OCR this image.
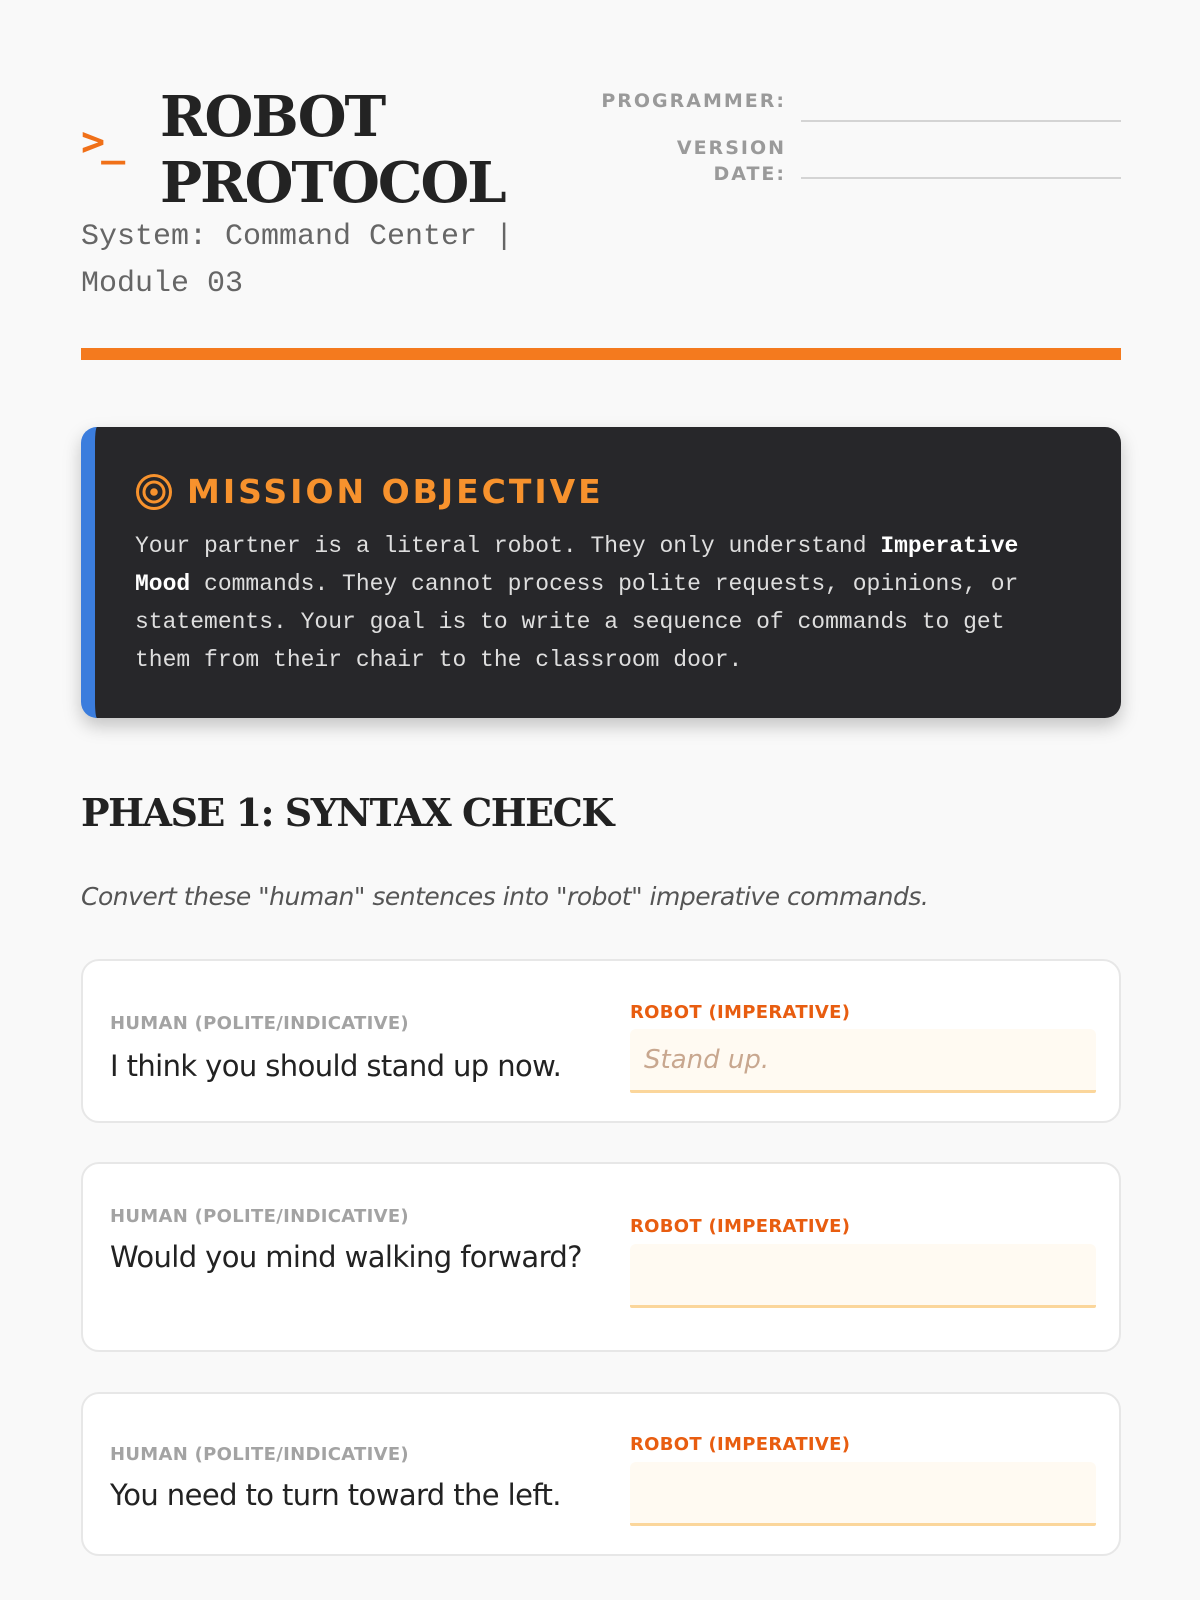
>_ ROBOT
PROTOCOL
System: Command Center | Module 03
PROGRAMMER:
VERSION DATE:
MISSION OBJECTIVE

Your partner is a literal robot. They only understand Imperative Mood commands. They cannot process polite requests, opinions, or statements. Your goal is to write a sequence of commands to get them from their chair to the classroom door.

PHASE 1: SYNTAX CHECK

Convert these "human" sentences into "robot" imperative commands.

HUMAN (POLITE/INDICATIVE)
I think you should stand up now.
ROBOT (IMPERATIVE)
Stand up.
HUMAN (POLITE/INDICATIVE)
Would you mind walking forward?
ROBOT (IMPERATIVE)
HUMAN (POLITE/INDICATIVE)
You need to turn toward the left.
ROBOT (IMPERATIVE)
